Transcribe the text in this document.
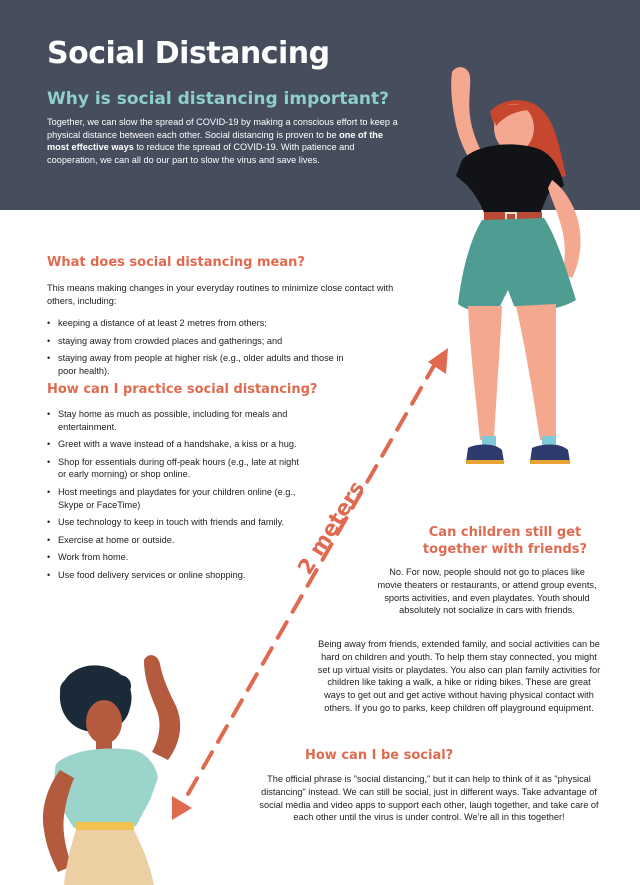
Social Distancing
Why is social distancing important?

Together, we can slow the spread of COVID-19 by making a conscious effort to keep a physical distance between each other. Social distancing is proven to be one of the most effective ways to reduce the spread of COVID-19. With patience and cooperation, we can all do our part to slow the virus and save lives.

What does social distancing mean?

This means making changes in your everyday routines to minimize close contact with others, including:

• keeping a distance of at least 2 metres from others;
• staying away from crowded places and gatherings; and
• staying away from people at higher risk (e.g., older adults and those in poor health).
How can I practice social distancing?
• Stay home as much as possible, including for meals and entertainment.
• Greet with a wave instead of a handshake, a kiss or a hug.
• Shop for essentials during off-peak hours (e.g., late at night or early morning) or shop online.
• Host meetings and playdates for your children online (e.g., Skype or FaceTime)
• Use technology to keep in touch with friends and family.
• Exercise at home or outside.
• Work from home.
• Use food delivery services or online shopping.	2 meters	Can children still get together with friends?

No. For now, people should not go to places like movie theaters or restaurants, or attend group events, sports activities, and even playdates. Youth should absolutely not socialize in cars with friends.

Being away from friends, extended family, and social activities can be hard on children and youth. To help them stay connected, you might set up virtual visits or playdates. You also can plan family activities for children like taking a walk, a hike or riding bikes. These are great ways to get out and get active without having physical contact with others. If you go to parks, keep children off playground equipment.

How can I be social?

The official phrase is "social distancing," but it can help to think of it as "physical distancing" instead. We can still be social, just in different ways. Take advantage of social media and video apps to support each other, laugh together, and take care of each other until the virus is under control. We're all in this together!
